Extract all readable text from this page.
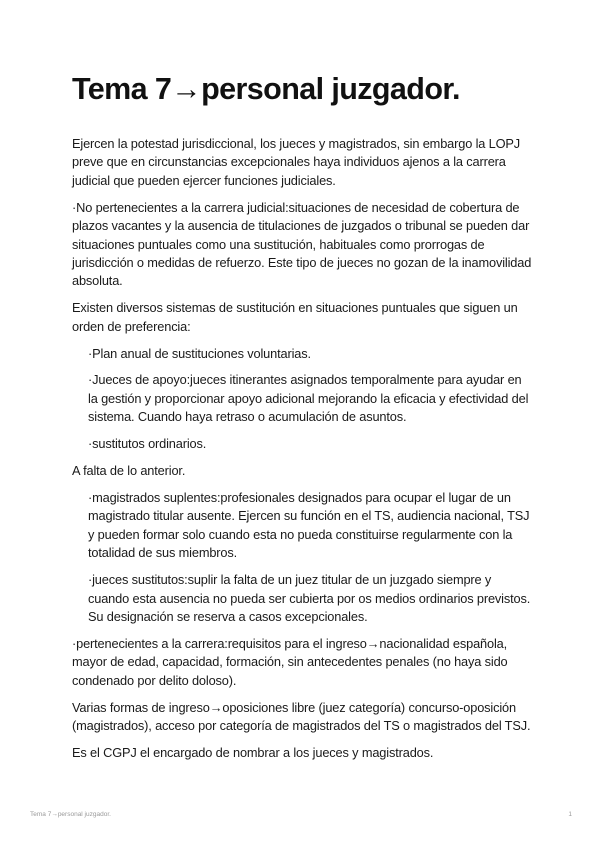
Tema 7→personal juzgador.

Ejercen la potestad jurisdiccional, los jueces y magistrados, sin embargo la LOPJ preve que en circunstancias excepcionales haya individuos ajenos a la carrera judicial que pueden ejercer funciones judiciales.

·No pertenecientes a la carrera judicial:situaciones de necesidad de cobertura de plazos vacantes y la ausencia de titulaciones de juzgados o tribunal se pueden dar situaciones puntuales como una sustitución, habituales como prorrogas de jurisdicción o medidas de refuerzo. Este tipo de jueces no gozan de la inamovilidad absoluta.

Existen diversos sistemas de sustitución en situaciones puntuales que siguen un orden de preferencia:

·Plan anual de sustituciones voluntarias.

·Jueces de apoyo:jueces itinerantes asignados temporalmente para ayudar en la gestión y proporcionar apoyo adicional mejorando la eficacia y efectividad del sistema. Cuando haya retraso o acumulación de asuntos.

·sustitutos ordinarios.

A falta de lo anterior.

·magistrados suplentes:profesionales designados para ocupar el lugar de un magistrado titular ausente. Ejercen su función en el TS, audiencia nacional, TSJ y pueden formar solo cuando esta no pueda constituirse regularmente con la totalidad de sus miembros.

·jueces sustitutos:suplir la falta de un juez titular de un juzgado siempre y cuando esta ausencia no pueda ser cubierta por os medios ordinarios previstos. Su designación se reserva a casos excepcionales.

·pertenecientes a la carrera:requisitos para el ingreso→nacionalidad española, mayor de edad, capacidad, formación, sin antecedentes penales (no haya sido condenado por delito doloso).

Varias formas de ingreso→oposiciones libre (juez categoría) concurso-oposición (magistrados), acceso por categoría de magistrados del TS o magistrados del TSJ.

Es el CGPJ el encargado de nombrar a los jueces y magistrados.

Tema 7→personal juzgador.	1
